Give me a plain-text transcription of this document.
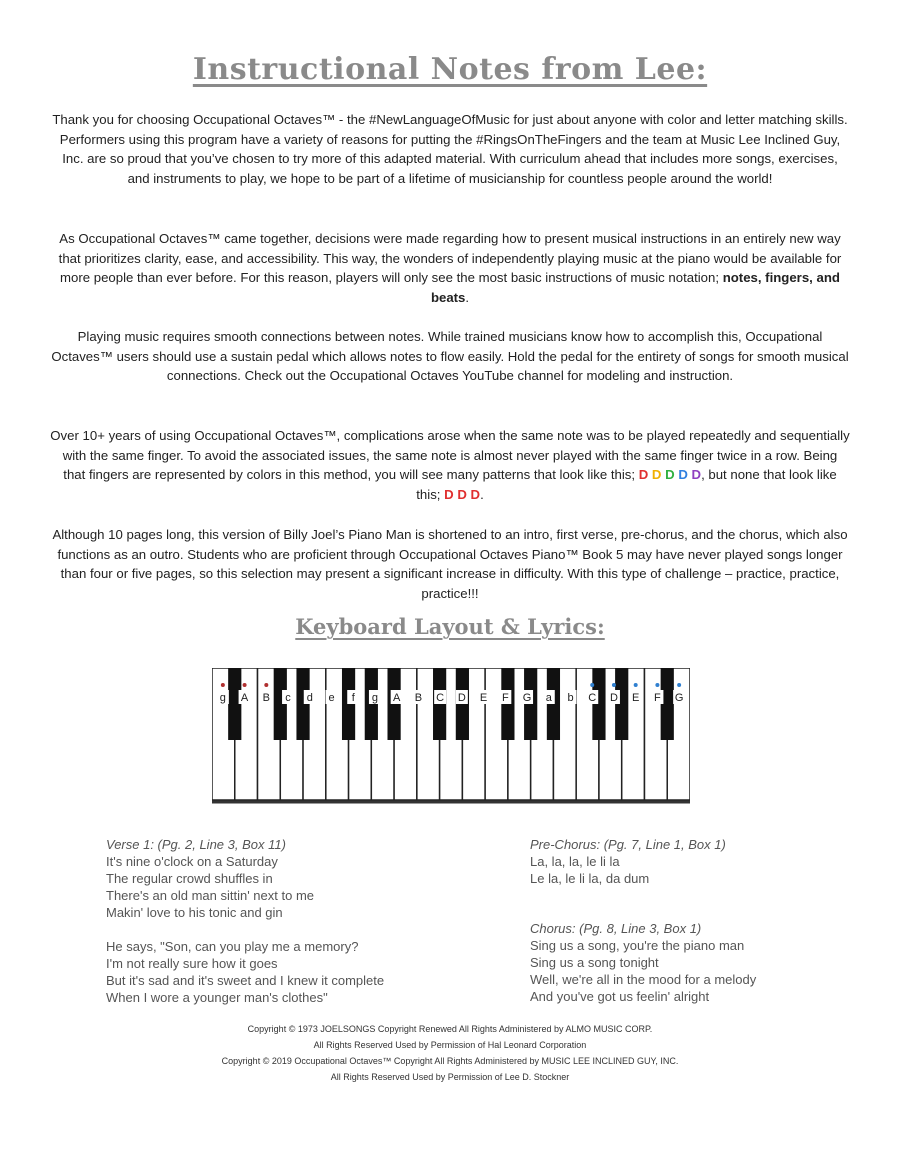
Instructional Notes from Lee:

Thank you for choosing Occupational Octaves™ - the #NewLanguageOfMusic for just about anyone with color and letter matching skills. Performers using this program have a variety of reasons for putting the #RingsOnTheFingers and the team at Music Lee Inclined Guy, Inc. are so proud that you’ve chosen to try more of this adapted material. With curriculum ahead that includes more songs, exercises, and instruments to play, we hope to be part of a lifetime of musicianship for countless people around the world!

As Occupational Octaves™ came together, decisions were made regarding how to present musical instructions in an entirely new way that prioritizes clarity, ease, and accessibility. This way, the wonders of independently playing music at the piano would be available for more people than ever before. For this reason, players will only see the most basic instructions of music notation; notes, fingers, and beats.

Playing music requires smooth connections between notes. While trained musicians know how to accomplish this, Occupational Octaves™ users should use a sustain pedal which allows notes to flow easily. Hold the pedal for the entirety of songs for smooth musical connections. Check out the Occupational Octaves YouTube channel for modeling and instruction.

Over 10+ years of using Occupational Octaves™, complications arose when the same note was to be played repeatedly and sequentially with the same finger. To avoid the associated issues, the same note is almost never played with the same finger twice in a row. Being that fingers are represented by colors in this method, you will see many patterns that look like this; D D D D D, but none that look like this; D D D.

Although 10 pages long, this version of Billy Joel’s Piano Man is shortened to an intro, first verse, pre-chorus, and the chorus, which also functions as an outro. Students who are proficient through Occupational Octaves Piano™ Book 5 may have never played songs longer than four or five pages, so this selection may present a significant increase in difficulty. With this type of challenge – practice, practice, practice!!!

Keyboard Layout & Lyrics:
g A B c d e f g A B C D E F G a b C D E F G
Verse 1: (Pg. 2, Line 3, Box 11)
It's nine o'clock on a Saturday
The regular crowd shuffles in
There's an old man sittin' next to me
Makin' love to his tonic and gin

He says, "Son, can you play me a memory?
I'm not really sure how it goes
But it's sad and it's sweet and I knew it complete
When I wore a younger man's clothes"
Pre-Chorus: (Pg. 7, Line 1, Box 1)
La, la, la, le li la
Le la, le li la, da dum
Chorus: (Pg. 8, Line 3, Box 1)
Sing us a song, you're the piano man
Sing us a song tonight
Well, we're all in the mood for a melody
And you've got us feelin' alright
Copyright © 1973 JOELSONGS Copyright Renewed All Rights Administered by ALMO MUSIC CORP.
All Rights Reserved Used by Permission of Hal Leonard Corporation
Copyright © 2019 Occupational Octaves™ Copyright All Rights Administered by MUSIC LEE INCLINED GUY, INC.
All Rights Reserved Used by Permission of Lee D. Stockner
